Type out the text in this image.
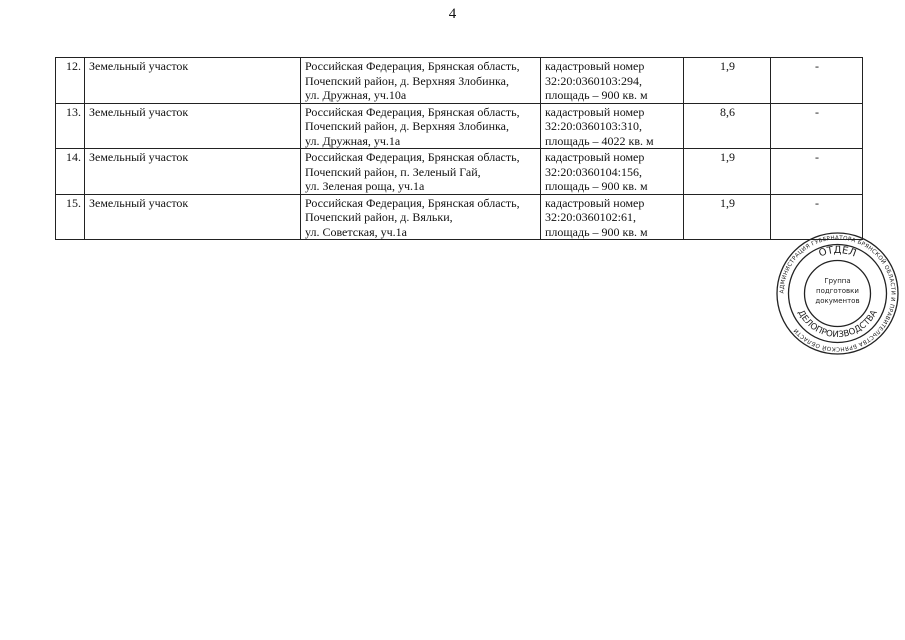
4
12.	Земельный участок	Российская Федерация, Брянская область,
Почепский район, д. Верхняя Злобинка,
ул. Дружная, уч.10а	кадастровый номер
32:20:0360103:294,
площадь – 900 кв. м	1,9	-
13.	Земельный участок	Российская Федерация, Брянская область,
Почепский район, д. Верхняя Злобинка,
ул. Дружная, уч.1а	кадастровый номер
32:20:0360103:310,
площадь – 4022 кв. м	8,6	-
14.	Земельный участок	Российская Федерация, Брянская область,
Почепский район, п. Зеленый Гай,
ул. Зеленая роща, уч.1а	кадастровый номер
32:20:0360104:156,
площадь – 900 кв. м	1,9	-
15.	Земельный участок	Российская Федерация, Брянская область,
Почепский район, д. Вяльки,
ул. Советская, уч.1а	кадастровый номер
32:20:0360102:61,
площадь – 900 кв. м	1,9	-
АДМИНИСТРАЦИЯ ГУБЕРНАТОРА БРЯНСКОЙ ОБЛАСТИ И ПРАВИТЕЛЬСТВА БРЯНСКОЙ ОБЛАСТИ
ОТДЕЛ
ДЕЛОПРОИЗВОДСТВА
Группа
подготовки
документов
